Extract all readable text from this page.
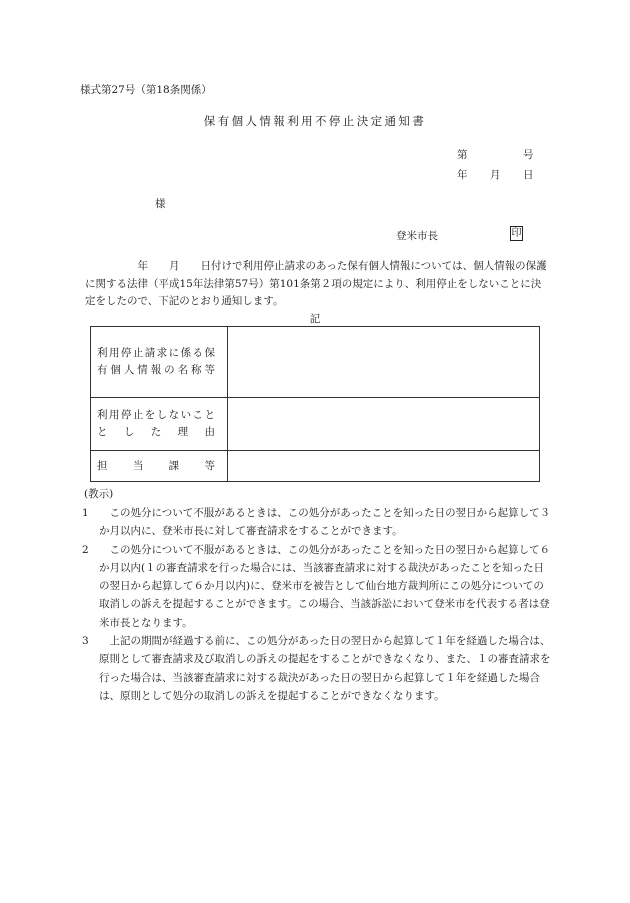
様式第27号（第18条関係）
保有個人情報利用不停止決定通知書
第	号
年 月 日
様
登米市長	印
　　　　　年　　月　　日付けで利用停止請求のあった保有個人情報については、個人情報の保護に関する法律（平成15年法律第57号）第101条第２項の規定により、利用停止をしないことに決定をしたので、下記のとおり通知します。
記
利用停止請求に係る保
有個人情報の名称等	

利用停止をしないこと
とした理由	

担当課等	

(教示)
1 　この処分について不服があるときは、この処分があったことを知った日の翌日から起算して３か月以内に、登米市長に対して審査請求をすることができます。
2 　この処分について不服があるときは、この処分があったことを知った日の翌日から起算して６か月以内(１の審査請求を行った場合には、当該審査請求に対する裁決があったことを知った日の翌日から起算して６か月以内)に、登米市を被告として仙台地方裁判所にこの処分についての取消しの訴えを提起することができます。この場合、当該訴訟において登米市を代表する者は登米市長となります。
3 　上記の期間が経過する前に、この処分があった日の翌日から起算して１年を経過した場合は、原則として審査請求及び取消しの訴えの提起をすることができなくなり、また、１の審査請求を行った場合は、当該審査請求に対する裁決があった日の翌日から起算して１年を経過した場合は、原則として処分の取消しの訴えを提起することができなくなります。
